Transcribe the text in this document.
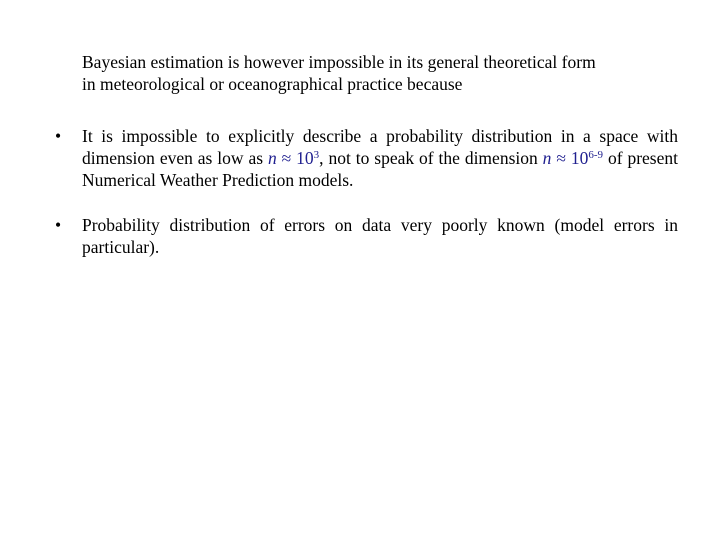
Bayesian estimation is however impossible in its general theoretical form
in meteorological or oceanographical practice because
• It is impossible to explicitly describe a probability distribution in a space with dimension even as low as $n \approx 10^3$, not to speak of the dimension $n \approx 10^{6-9}$ of present Numerical Weather Prediction models.
• Probability distribution of errors on data very poorly known (model errors in particular).
